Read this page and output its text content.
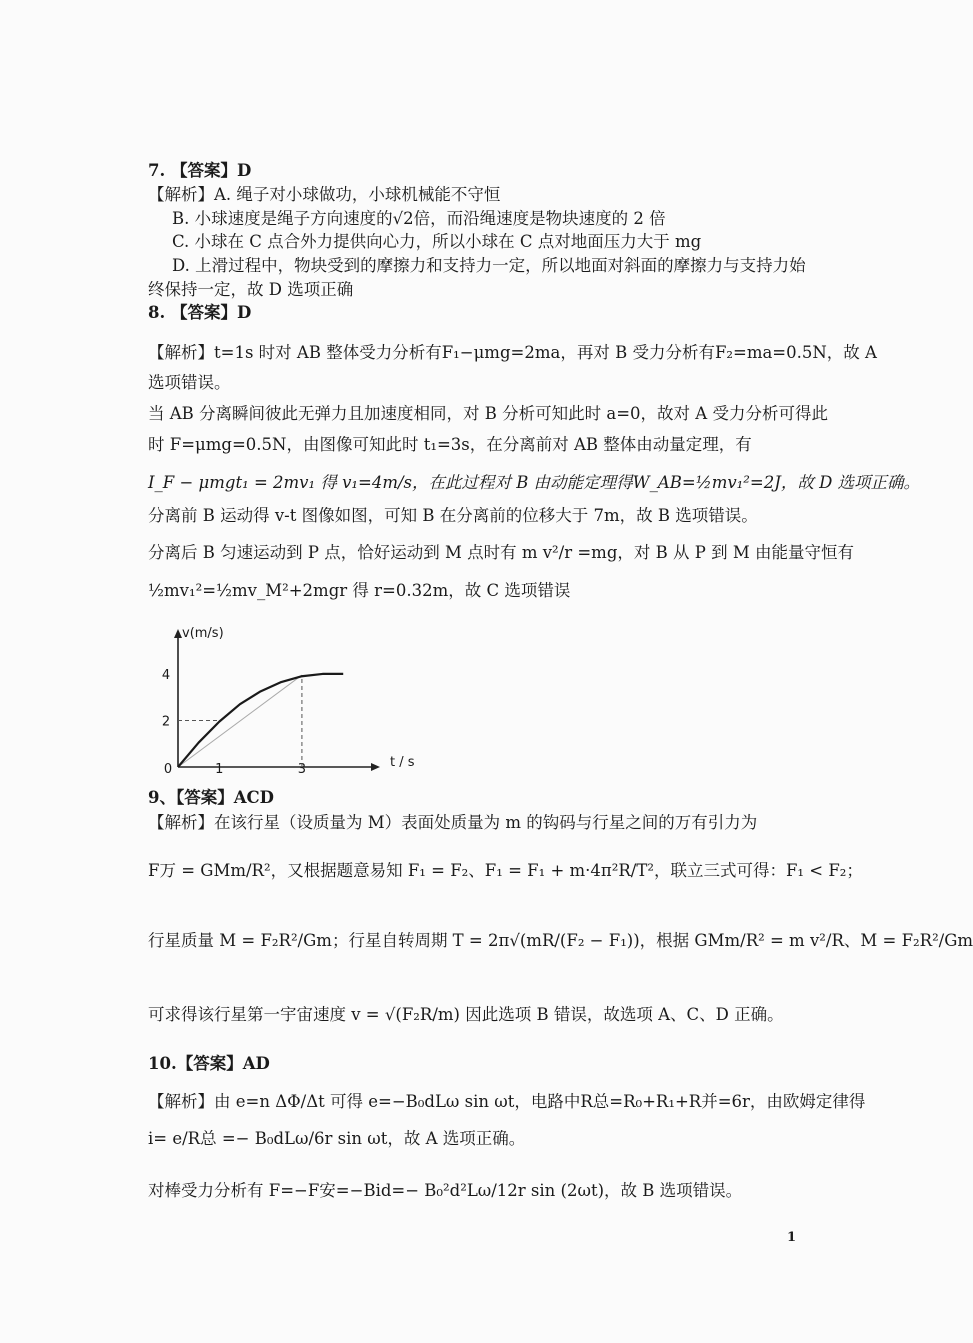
7. 【答案】D
【解析】A. 绳子对小球做功，小球机械能不守恒
B. 小球速度是绳子方向速度的√2倍，而沿绳速度是物块速度的 2 倍
C. 小球在 C 点合外力提供向心力，所以小球在 C 点对地面压力大于 mg
D. 上滑过程中，物块受到的摩擦力和支持力一定，所以地面对斜面的摩擦力与支持力始
终保持一定，故 D 选项正确
8. 【答案】D
【解析】t=1s 时对 AB 整体受力分析有F₁−μmg=2ma，再对 B 受力分析有F₂=ma=0.5N，故 A
选项错误。
当 AB 分离瞬间彼此无弹力且加速度相同，对 B 分析可知此时 a=0，故对 A 受力分析可得此
时 F=μmg=0.5N，由图像可知此时 t₁=3s，在分离前对 AB 整体由动量定理，有
I_F − μmgt₁ = 2mv₁ 得 v₁=4m/s，在此过程对 B 由动能定理得W_AB=½mv₁²=2J，故 D 选项正确。
分离前 B 运动得 v-t 图像如图，可知 B 在分离前的位移大于 7m，故 B 选项错误。
分离后 B 匀速运动到 P 点，恰好运动到 M 点时有 m v²/r =mg，对 B 从 P 到 M 由能量守恒有
½mv₁²=½mv_M²+2mgr 得 r=0.32m，故 C 选项错误
v(m/s)
t / s
0	1	3
2
4
9、【答案】ACD
【解析】在该行星（设质量为 M）表面处质量为 m 的钩码与行星之间的万有引力为
F万 = GMm/R²，又根据题意易知 F₁ = F₂、F₁ = F₁ + m·4π²R/T²，联立三式可得：F₁ < F₂；
行星质量 M = F₂R²/Gm；行星自转周期 T = 2π√(mR/(F₂ − F₁))，根据 GMm/R² = m v²/R、M = F₂R²/Gm
可求得该行星第一宇宙速度 v = √(F₂R/m) 因此选项 B 错误，故选项 A、C、D 正确。
10.【答案】AD
【解析】由 e=n ΔΦ/Δt 可得 e=−B₀dLω sin ωt，电路中R总=R₀+R₁+R并=6r，由欧姆定律得
i= e/R总 =− B₀dLω/6r sin ωt，故 A 选项正确。
对棒受力分析有 F=−F安=−Bid=− B₀²d²Lω/12r sin (2ωt)，故 B 选项错误。
1
